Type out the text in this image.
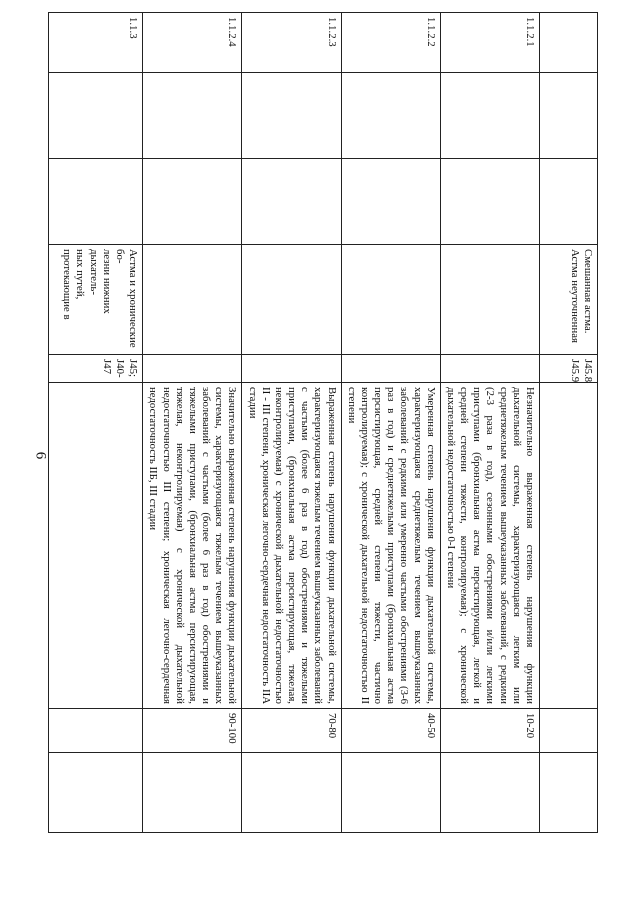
6

			Смешанная астма.
Астма неуточненная	J45.8
J45.9			

1.1.2.1					Незначительно выраженная степень нарушения функции дыхательной системы, характеризующаяся легким или среднетяжелым течением вышеуказанных заболеваний, с редкими (2-3 раза в год), сезонными обострениями и/или легкими приступами (бронхиальная астма персистирующая, легкой и средней степени тяжести, контролируемая); с хронической дыхательной недостаточностью 0-I степени	10-20	
1.1.2.2					Умеренная степень нарушения функции дыхательной системы, характеризующаяся среднетяжелым течением вышеуказанных заболеваний с редкими или умеренно частыми обострениями (3-6 раз в год) и среднетяжелыми приступами (бронхиальная астма персистирующая, средней степени тяжести, частично контролируемая); с хронической дыхательной недостаточностью II степени	40-50	
1.1.2.3					Выраженная степень нарушения функции дыхательной системы, характеризующаяся тяжелым течением вышеуказанных заболеваний с частыми (более 6 раз в год) обострениями и тяжелыми приступами, (бронхиальная астма персистирующая, тяжелая, неконтролируемая) с хронической дыхательной недостаточностью II - III степени, хроническая легочно-сердечная недостаточность IIА стадии	70-80	
1.1.2.4					Значительно выраженная степень нарушения функции дыхательной системы, характеризующаяся тяжелым течением вышеуказанных заболеваний с частыми (более 6 раз в год) обострениями и тяжелыми приступами, (бронхиальная астма персистирующая, тяжелая, неконтролируемая) с хронической дыхательной недостаточностью III степени; хроническая легочно-сердечная недостаточность IIБ, III стадии	90-100	
1.1.3			Астма и хронические бо-
лезни нижних дыхатель-
ных путей, протекающие в	J45;
J40-J47			
